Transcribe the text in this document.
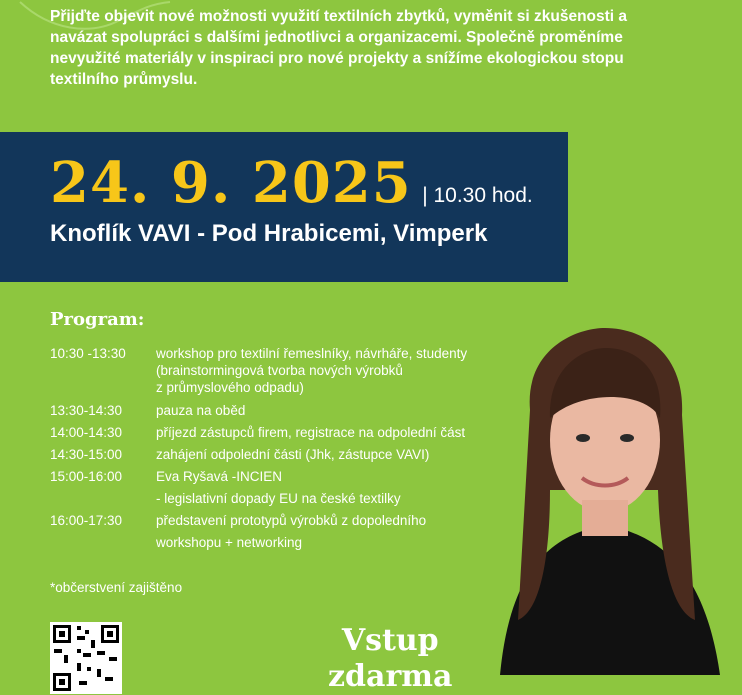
Přijďte objevit nové možnosti využití textilních zbytků, vyměnit si zkušenosti a
navázat spolupráci s dalšími jednotlivci a organizacemi. Společně proměníme
nevyužité materiály v inspiraci pro nové projekty a snížíme ekologickou stopu
textilního průmyslu.
24. 9. 2025 | 10.30 hod.
Knoflík VAVI - Pod Hrabicemi, Vimperk
Program:
10:30 -13:30	workshop pro textilní řemeslníky, návrháře, studenty
(brainstormingová tvorba nových výrobků
z průmyslového odpadu)
13:30-14:30	pauza na oběd
14:00-14:30	příjezd zástupců firem, registrace na odpolední část
14:30-15:00	zahájení odpolední části (Jhk, zástupce VAVI)
15:00-16:00	Eva Ryšavá -INCIEN
- legislativní dopady EU na české textilky
16:00-17:30	představení prototypů výrobků z dopoledního
workshopu + networking
*občerstvení zajištěno
Vstup
zdarma
